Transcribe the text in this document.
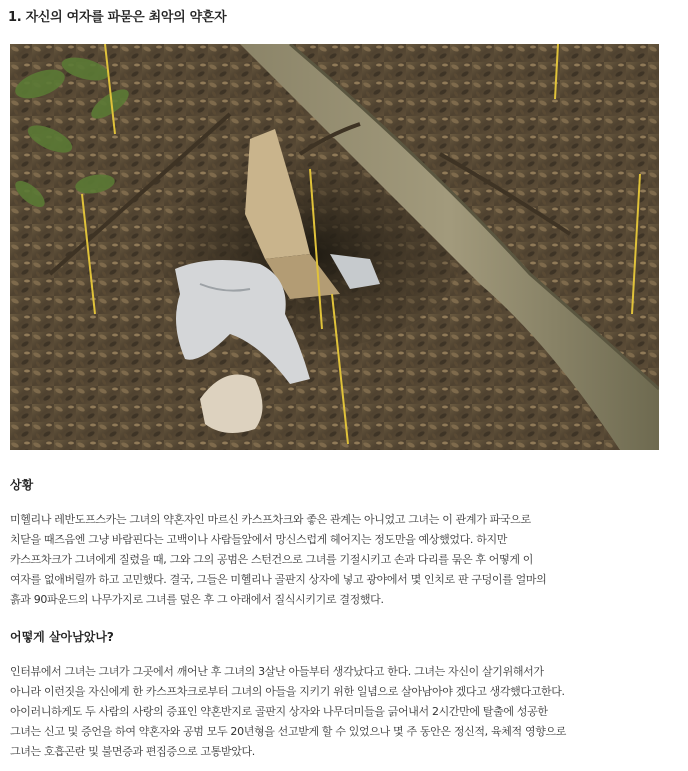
1. 자신의 여자를 파묻은 최악의 약혼자
상황
미헬리나 레반도프스카는 그녀의 약혼자인 마르신 카스프차크와 좋은 관계는 아니었고 그녀는 이 관계가 파국으로
치닫을 때즈음엔 그냥 바람핀다는 고백이나 사람들앞에서 망신스럽게 헤어지는 정도만을 예상했었다. 하지만
카스프차크가 그녀에게 질렸을 때, 그와 그의 공범은 스턴건으로 그녀를 기절시키고 손과 다리를 묶은 후 어떻게 이
여자를 없애버릴까 하고 고민했다. 결국, 그들은 미헬리나 골판지 상자에 넣고 광야에서 몇 인치로 판 구덩이를 얼마의
흙과 90파운드의 나무가지로 그녀를 덮은 후 그 아래에서 질식시키기로 결정했다.
어떻게 살아남았나?
인터뷰에서 그녀는 그녀가 그곳에서 깨어난 후 그녀의 3살난 아들부터 생각났다고 한다. 그녀는 자신이 살기위해서가
아니라 이런짓을 자신에게 한 카스프차크로부터 그녀의 아들을 지키기 위한 일념으로 살아남아야 겠다고 생각했다고한다.
아이러니하게도 두 사람의 사랑의 증표인 약혼반지로 골판지 상자와 나무더미들을 긁어내서 2시간만에 탈출에 성공한
그녀는 신고 및 증언을 하여 약혼자와 공범 모두 20년형을 선고받게 할 수 있었으나 몇 주 동안은 정신적, 육체적 영향으로
그녀는 호흡곤란 및 불면증과 편집증으로 고통받았다.
